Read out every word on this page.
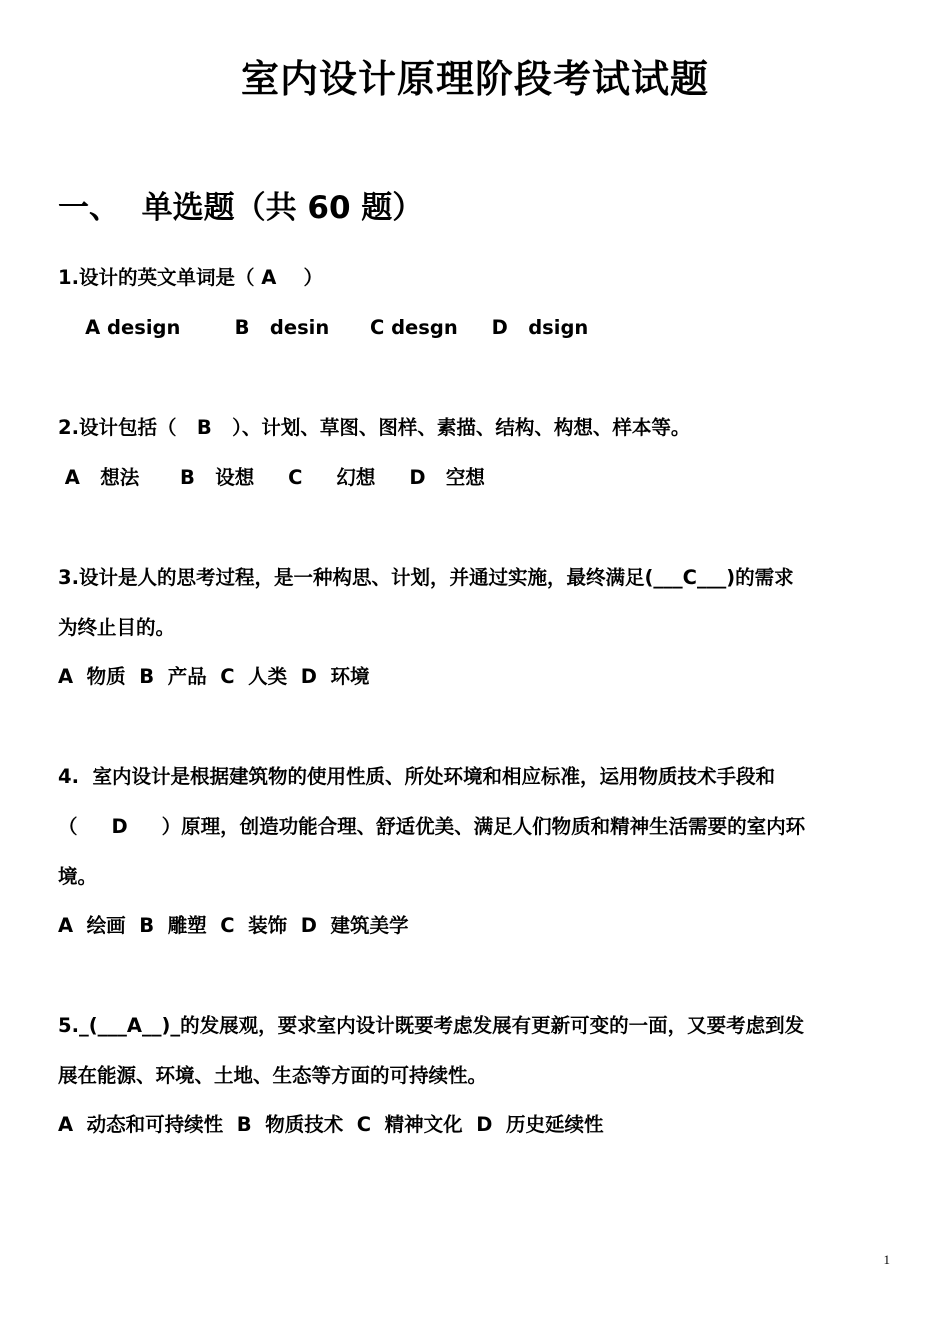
室内设计原理阶段考试试题
一、  单选题（共 60 题）
1.设计的英文单词是（ A    ）
A design        B   desin      C desgn     D   dsign
2.设计包括（   B   ）、计划、草图、图样、素描、结构、构想、样本等。
A   想法      B   设想     C     幻想     D   空想
3.设计是人的思考过程，是一种构思、计划，并通过实施，最终满足(___C___)的需求
为终止目的。
A  物质  B  产品  C  人类  D  环境
4.  室内设计是根据建筑物的使用性质、所处环境和相应标准，运用物质技术手段和
（     D     ）原理，创造功能合理、舒适优美、满足人们物质和精神生活需要的室内环
境。
A  绘画  B  雕塑  C  装饰  D  建筑美学
5._(___A__)_的发展观，要求室内设计既要考虑发展有更新可变的一面，又要考虑到发
展在能源、环境、土地、生态等方面的可持续性。
A  动态和可持续性  B  物质技术  C  精神文化  D  历史延续性
1
